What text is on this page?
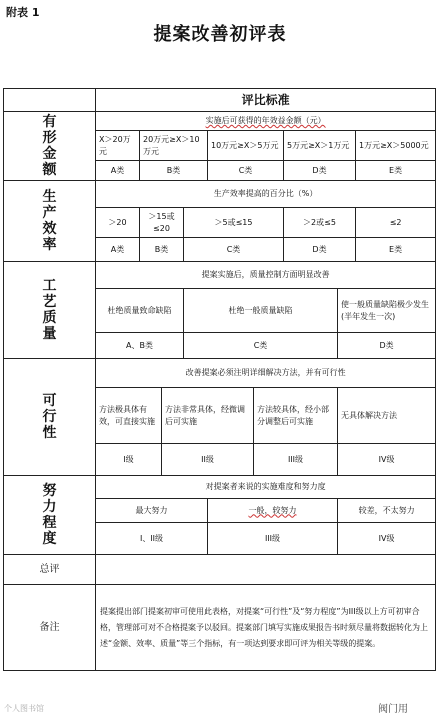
附表 1
提案改善初评表
	评比标准								

有
形
金
额	实施后可获得的年效益金额（元）								
	X＞20万元	20万元≥X＞10万元			10万元≥X＞5万元		5万元≥X＞1万元		1万元≥X＞5000元
	A类	B类			C类		D类		E类

生
产
效
率	生产效率提高的百分比（%）								
	＞20	＞15或≤20		＞5或≤15			＞2或≤5		≤2
	A类	B类		C类			D类		E类

工
艺
质
量	提案实施后，质量控制方面明显改善								
	杜绝质量致命缺陷			杜绝一般质量缺陷				使一般质量缺陷极少发生(半年发生一次)	
	A、B类			C类				D类	

可
行
性	改善提案必须注明详细解决方法，并有可行性								
	方法极具体有效，可直接实施		方法非常具体，经微调后可实施			方法较具体，经小部分调整后可实施		无具体解决方法	
	I级		II级			III级		IV级	

努
力
程
度	对提案者来说的实施难度和努力度								
	最大努力				一般，较努力			较差，不太努力	
	I、II级				III级			IV级	
总评									
备注	提案提出部门提案初审可使用此表格，对提案“可行性”及“努力程度”为III级以上方可初审合格，管理部可对不合格提案予以驳回。提案部门填写实施成果报告书时须尽量将数据转化为上述“金额、效率、质量”等三个指标，有一项达到要求即可评为相关等级的提案。								
个人图书馆	阀门用
